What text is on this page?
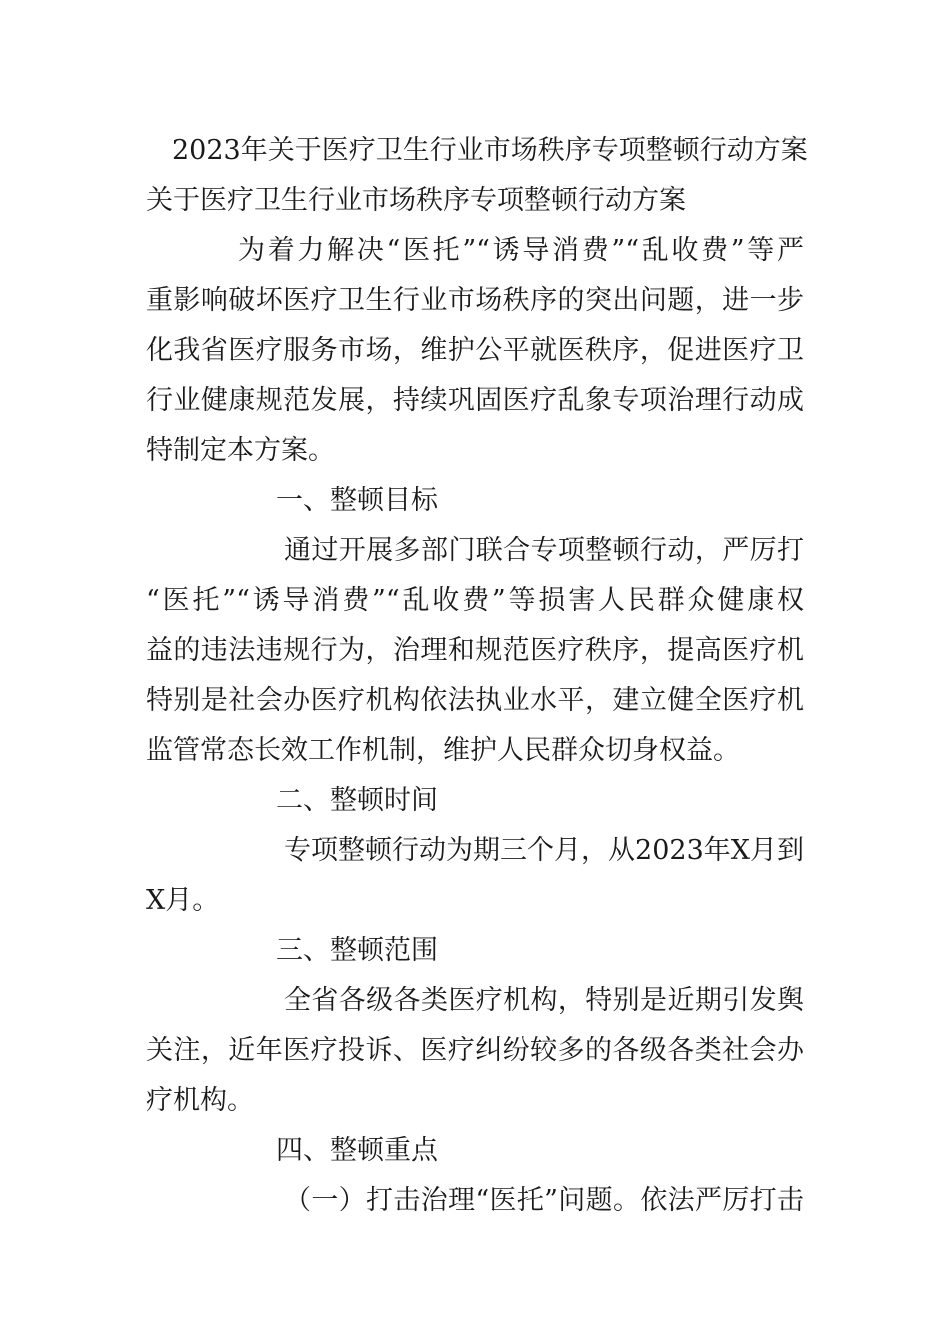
2023年关于医疗卫生行业市场秩序专项整顿行动方案

关于医疗卫生行业市场秩序专项整顿行动方案

为着力解决“医托”“诱导消费”“乱收费”等严

重影响破坏医疗卫生行业市场秩序的突出问题，进一步

化我省医疗服务市场，维护公平就医秩序，促进医疗卫

行业健康规范发展，持续巩固医疗乱象专项治理行动成

特制定本方案。

一、整顿目标

通过开展多部门联合专项整顿行动，严厉打

“医托”“诱导消费”“乱收费”等损害人民群众健康权

益的违法违规行为，治理和规范医疗秩序，提高医疗机

特别是社会办医疗机构依法执业水平，建立健全医疗机

监管常态长效工作机制，维护人民群众切身权益。

二、整顿时间

专项整顿行动为期三个月，从2023年X月到

X月。

三、整顿范围

全省各级各类医疗机构，特别是近期引发舆

关注，近年医疗投诉、医疗纠纷较多的各级各类社会办

疗机构。

四、整顿重点

（一）打击治理“医托”问题。依法严厉打击
